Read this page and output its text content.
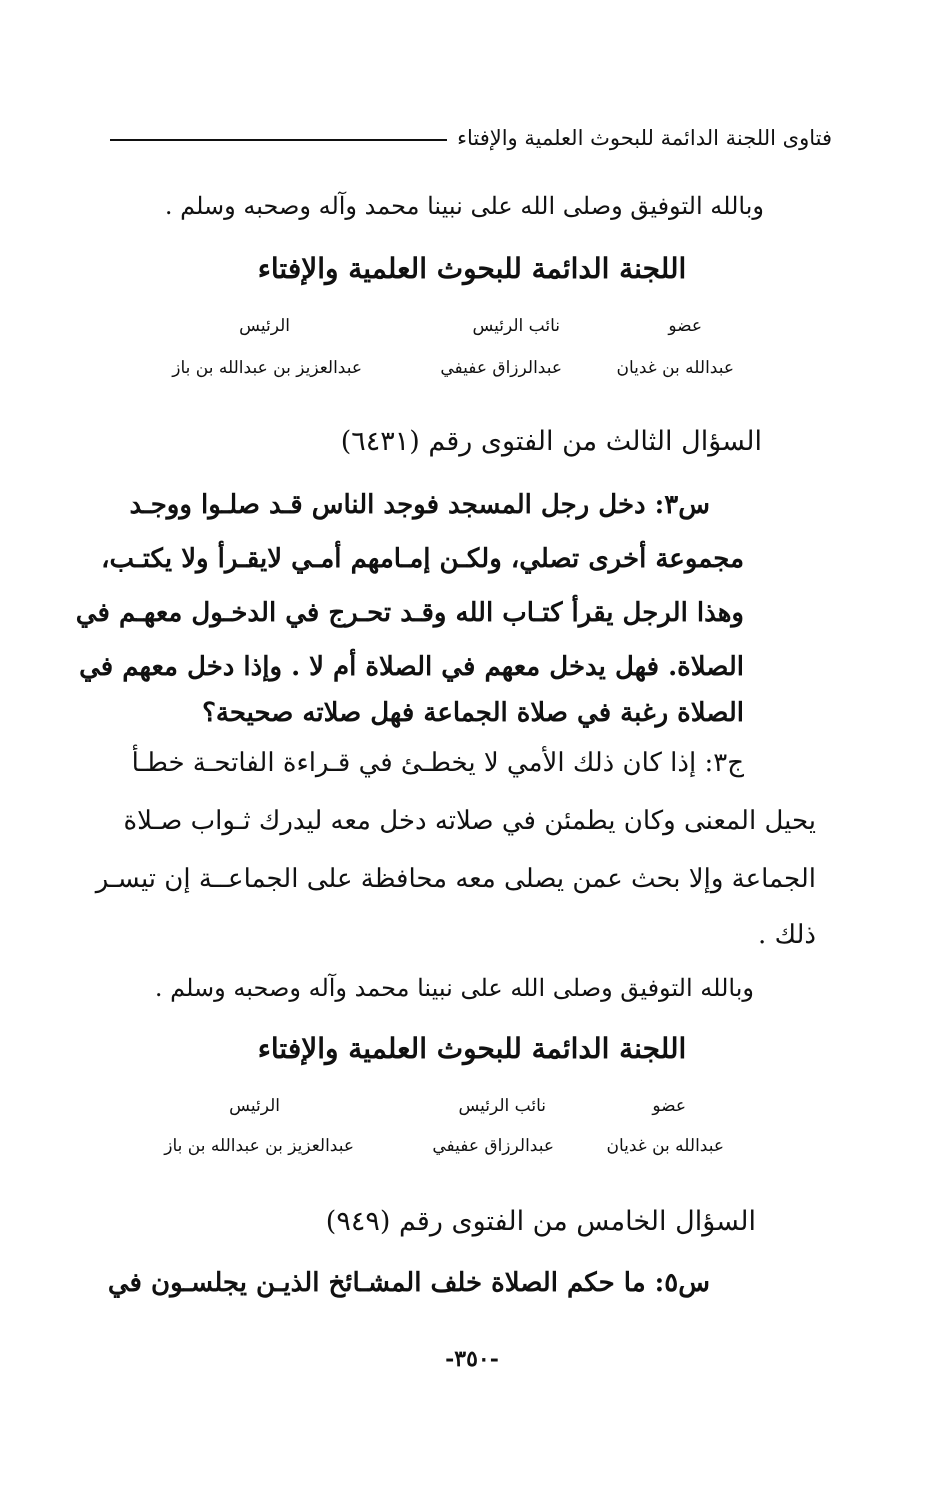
فتاوى اللجنة الدائمة للبحوث العلمية والإفتاء
وبالله التوفيق وصلى الله على نبينا محمد وآله وصحبه وسلم .
اللجنة الدائمة للبحوث العلمية والإفتاء
عضو
نائب الرئيس
الرئيس
عبدالله بن غديان
عبدالرزاق عفيفي
عبدالعزيز بن عبدالله بن باز
السؤال الثالث من الفتوى رقم (٦٤٣١)
س٣: دخل رجل المسجد فوجد الناس قـد صلـوا ووجـد
مجموعة أخرى تصلي، ولكـن إمـامهم أمـي لايقـرأ ولا يكتـب،
وهذا الرجل يقرأ كتـاب الله وقـد تحـرج في الدخـول معهـم في
الصلاة. فهل يدخل معهم في الصلاة أم لا . وإذا دخل معهم في
الصلاة رغبة في صلاة الجماعة فهل صلاته صحيحة؟
ج٣: إذا كان ذلك الأمي لا يخطـئ في قـراءة الفاتحـة خطـأ
يحيل المعنى وكان يطمئن في صلاته دخل معه ليدرك ثـواب صـلاة
الجماعة وإلا بحث عمن يصلى معه محافظة على الجماعــة إن تيسـر
ذلك .
وبالله التوفيق وصلى الله على نبينا محمد وآله وصحبه وسلم .
اللجنة الدائمة للبحوث العلمية والإفتاء
عضو
نائب الرئيس
الرئيس
عبدالله بن غديان
عبدالرزاق عفيفي
عبدالعزيز بن عبدالله بن باز
السؤال الخامس من الفتوى رقم (٩٤٩)
س٥: ما حكم الصلاة خلف المشـائخ الذيـن يجلسـون في
-٣٥٠-
